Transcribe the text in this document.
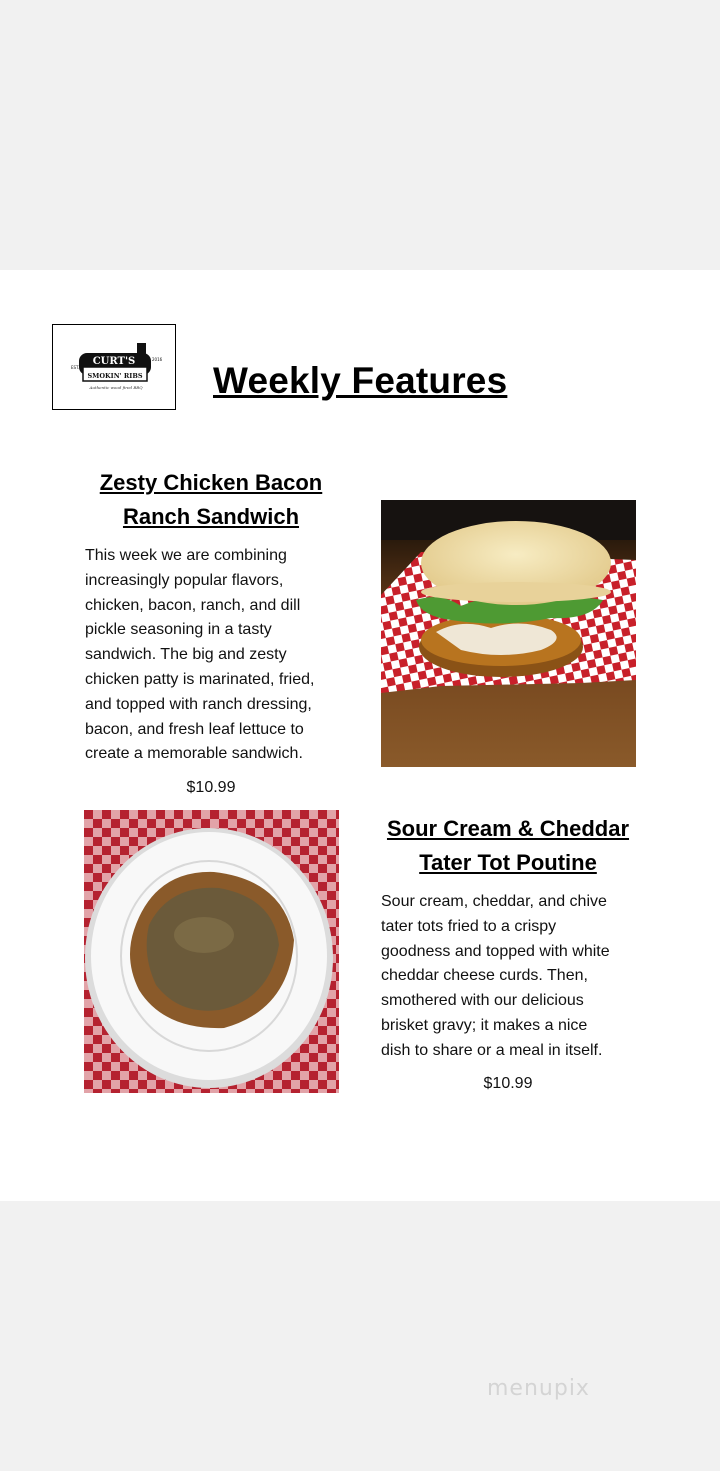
CURT'S
SMOKIN' RIBS
EST.
2016
Authentic wood fired BBQ Weekly Features
Zesty Chicken Bacon
Ranch Sandwich
This week we are combining
increasingly popular flavors,
chicken, bacon, ranch, and dill
pickle seasoning in a tasty
sandwich. The big and zesty
chicken patty is marinated, fried,
and topped with ranch dressing,
bacon, and fresh leaf lettuce to
create a memorable sandwich.
$10.99
Sour Cream & Cheddar
Tater Tot Poutine
Sour cream, cheddar, and chive
tater tots fried to a crispy
goodness and topped with white
cheddar cheese curds. Then,
smothered with our delicious
brisket gravy; it makes a nice
dish to share or a meal in itself.
$10.99
menupix
